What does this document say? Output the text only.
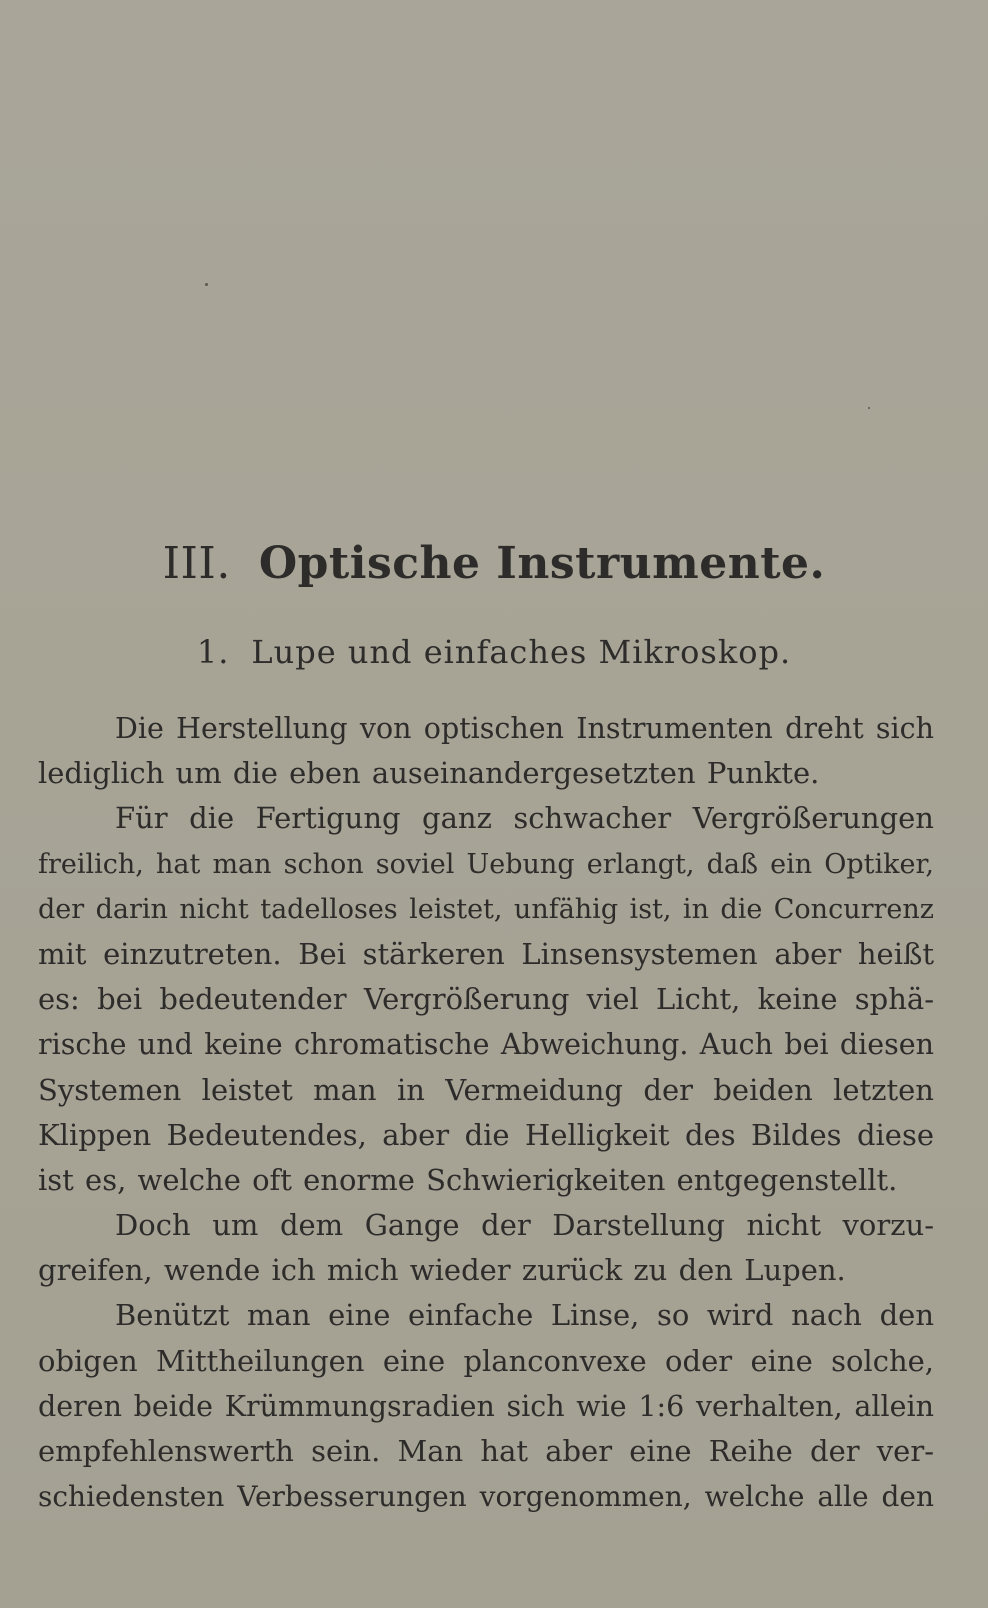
III. Optische Instrumente.
1. Lupe und einfaches Mikroskop.
Die Herstellung von optischen Instrumenten dreht sich
lediglich um die eben auseinandergesetzten Punkte.
Für die Fertigung ganz schwacher Vergrößerungen
freilich, hat man schon soviel Uebung erlangt, daß ein Optiker,
der darin nicht tadelloses leistet, unfähig ist, in die Concurrenz
mit einzutreten. Bei stärkeren Linsensystemen aber heißt
es: bei bedeutender Vergrößerung viel Licht, keine sphä-
rische und keine chromatische Abweichung. Auch bei diesen
Systemen leistet man in Vermeidung der beiden letzten
Klippen Bedeutendes, aber die Helligkeit des Bildes diese
ist es, welche oft enorme Schwierigkeiten entgegenstellt.
Doch um dem Gange der Darstellung nicht vorzu-
greifen, wende ich mich wieder zurück zu den Lupen.
Benützt man eine einfache Linse, so wird nach den
obigen Mittheilungen eine planconvexe oder eine solche,
deren beide Krümmungsradien sich wie 1:6 verhalten, allein
empfehlenswerth sein. Man hat aber eine Reihe der ver-
schiedensten Verbesserungen vorgenommen, welche alle den
